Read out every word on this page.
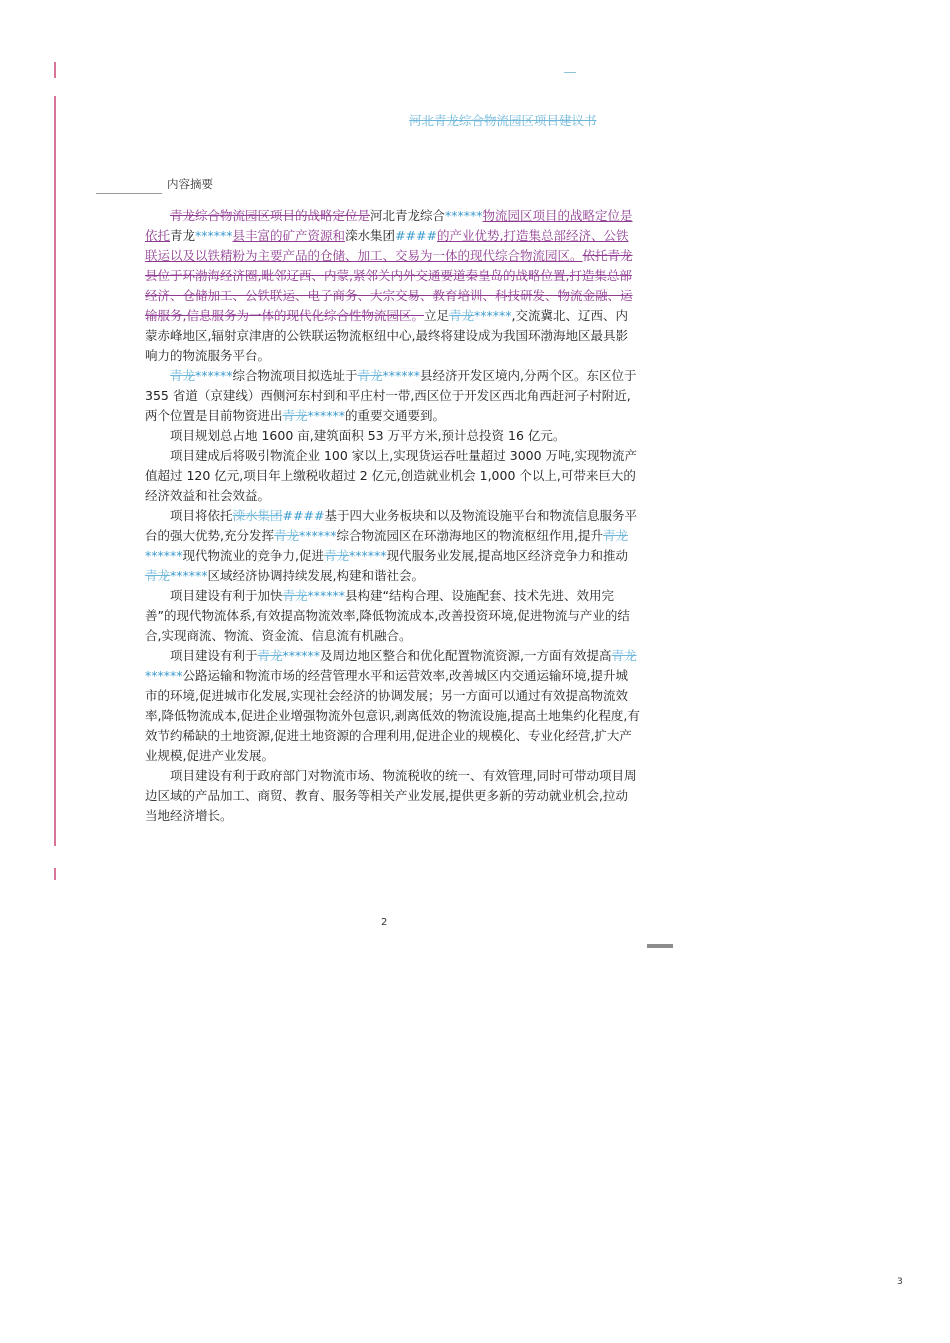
河北青龙综合物流园区项目建议书
内容摘要

青龙综合物流园区项目的战略定位是河北青龙综合******物流园区项目的战略定位是依托青龙******县丰富的矿产资源和滦水集团####的产业优势,打造集总部经济、公铁联运以及以铁精粉为主要产品的仓储、加工、交易为一体的现代综合物流园区。依托青龙县位于环渤海经济圈,毗邻辽西、内蒙,紧邻关内外交通要道秦皇岛的战略位置,打造集总部经济、仓储加工、公铁联运、电子商务、大宗交易、教育培训、科技研发、物流金融、运输服务,信息服务为一体的现代化综合性物流园区。立足青龙******,交流冀北、辽西、内蒙赤峰地区,辐射京津唐的公铁联运物流枢纽中心,最终将建设成为我国环渤海地区最具影响力的物流服务平台。

青龙******综合物流项目拟选址于青龙******县经济开发区境内,分两个区。东区位于 355 省道（京建线）西侧河东村到和平庄村一带,西区位于开发区西北角西赶河子村附近,两个位置是目前物资进出青龙******的重要交通要到。

项目规划总占地 1600 亩,建筑面积 53 万平方米,预计总投资 16 亿元。

项目建成后将吸引物流企业 100 家以上,实现货运吞吐量超过 3000 万吨,实现物流产值超过 120 亿元,项目年上缴税收超过 2 亿元,创造就业机会 1,000 个以上,可带来巨大的经济效益和社会效益。

项目将依托滦水集团####基于四大业务板块和以及物流设施平台和物流信息服务平台的强大优势,充分发挥青龙******综合物流园区在环渤海地区的物流枢纽作用,提升青龙******现代物流业的竞争力,促进青龙******现代服务业发展,提高地区经济竞争力和推动青龙******区域经济协调持续发展,构建和谐社会。

项目建设有利于加快青龙******县构建“结构合理、设施配套、技术先进、效用完善”的现代物流体系,有效提高物流效率,降低物流成本,改善投资环境,促进物流与产业的结合,实现商流、物流、资金流、信息流有机融合。

项目建设有利于青龙******及周边地区整合和优化配置物流资源,一方面有效提高青龙******公路运输和物流市场的经营管理水平和运营效率,改善城区内交通运输环境,提升城市的环境,促进城市化发展,实现社会经济的协调发展；另一方面可以通过有效提高物流效率,降低物流成本,促进企业增强物流外包意识,剥离低效的物流设施,提高土地集约化程度,有效节约稀缺的土地资源,促进土地资源的合理利用,促进企业的规模化、专业化经营,扩大产业规模,促进产业发展。

项目建设有利于政府部门对物流市场、物流税收的统一、有效管理,同时可带动项目周边区域的产品加工、商贸、教育、服务等相关产业发展,提供更多新的劳动就业机会,拉动当地经济增长。

2
3
